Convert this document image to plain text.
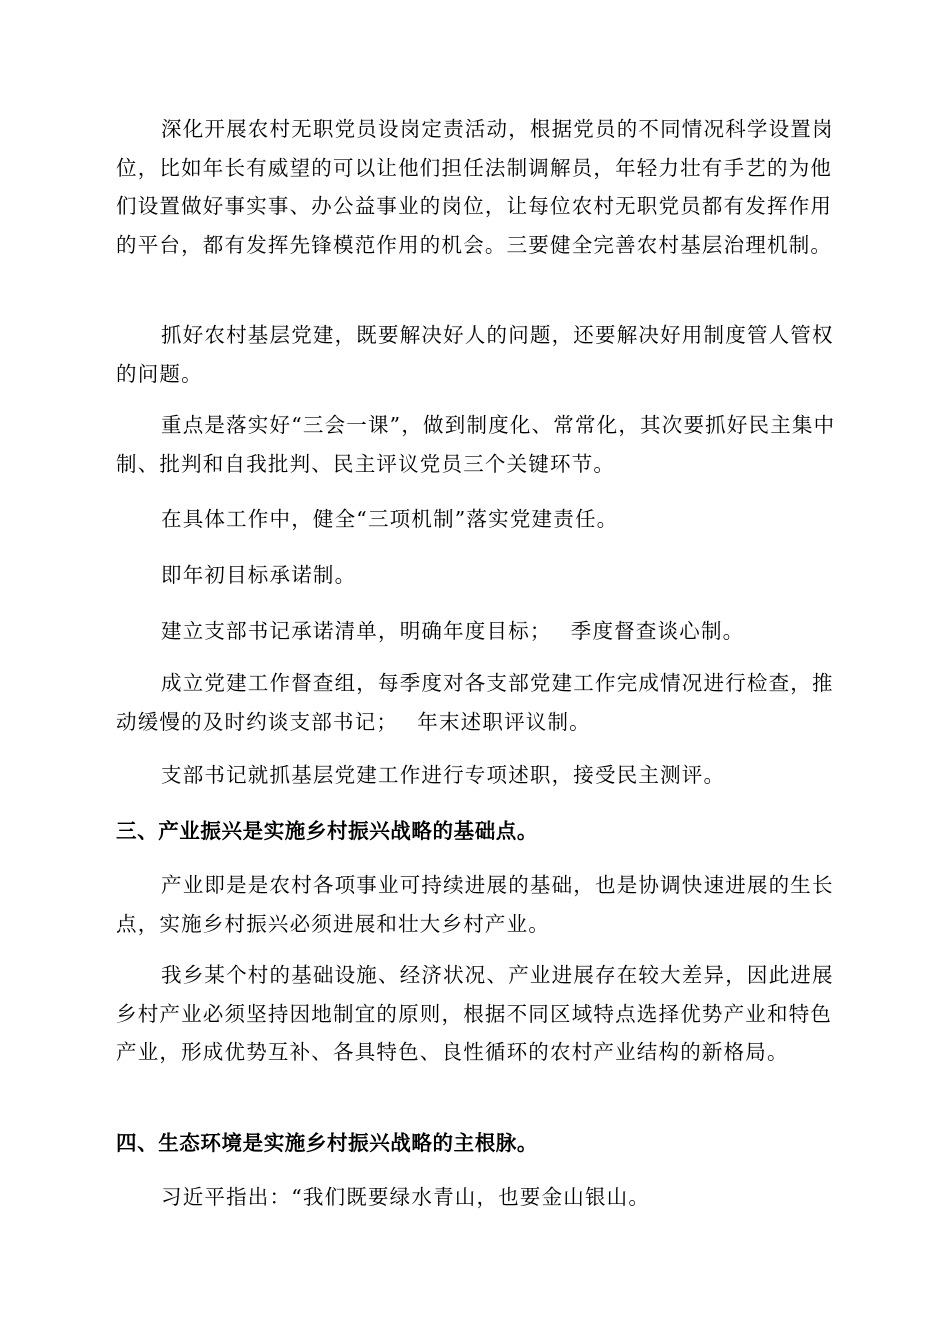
深化开展农村无职党员设岗定责活动，根据党员的不同情况科学设置岗位，比如年长有威望的可以让他们担任法制调解员，年轻力壮有手艺的为他们设置做好事实事、办公益事业的岗位，让每位农村无职党员都有发挥作用的平台，都有发挥先锋模范作用的机会。三要健全完善农村基层治理机制。

抓好农村基层党建，既要解决好人的问题，还要解决好用制度管人管权的问题。

重点是落实好“三会一课”，做到制度化、常常化，其次要抓好民主集中制、批判和自我批判、民主评议党员三个关键环节。

在具体工作中，健全“三项机制”落实党建责任。

即年初目标承诺制。

建立支部书记承诺清单，明确年度目标；　 季度督查谈心制。

成立党建工作督查组，每季度对各支部党建工作完成情况进行检查，推动缓慢的及时约谈支部书记；　 年末述职评议制。

支部书记就抓基层党建工作进行专项述职，接受民主测评。

三、产业振兴是实施乡村振兴战略的基础点。

产业即是是农村各项事业可持续进展的基础，也是协调快速进展的生长点，实施乡村振兴必须进展和壮大乡村产业。

我乡某个村的基础设施、经济状况、产业进展存在较大差异，因此进展乡村产业必须坚持因地制宜的原则，根据不同区域特点选择优势产业和特色产业，形成优势互补、各具特色、良性循环的农村产业结构的新格局。

四、生态环境是实施乡村振兴战略的主根脉。

习近平指出：“我们既要绿水青山，也要金山银山。
